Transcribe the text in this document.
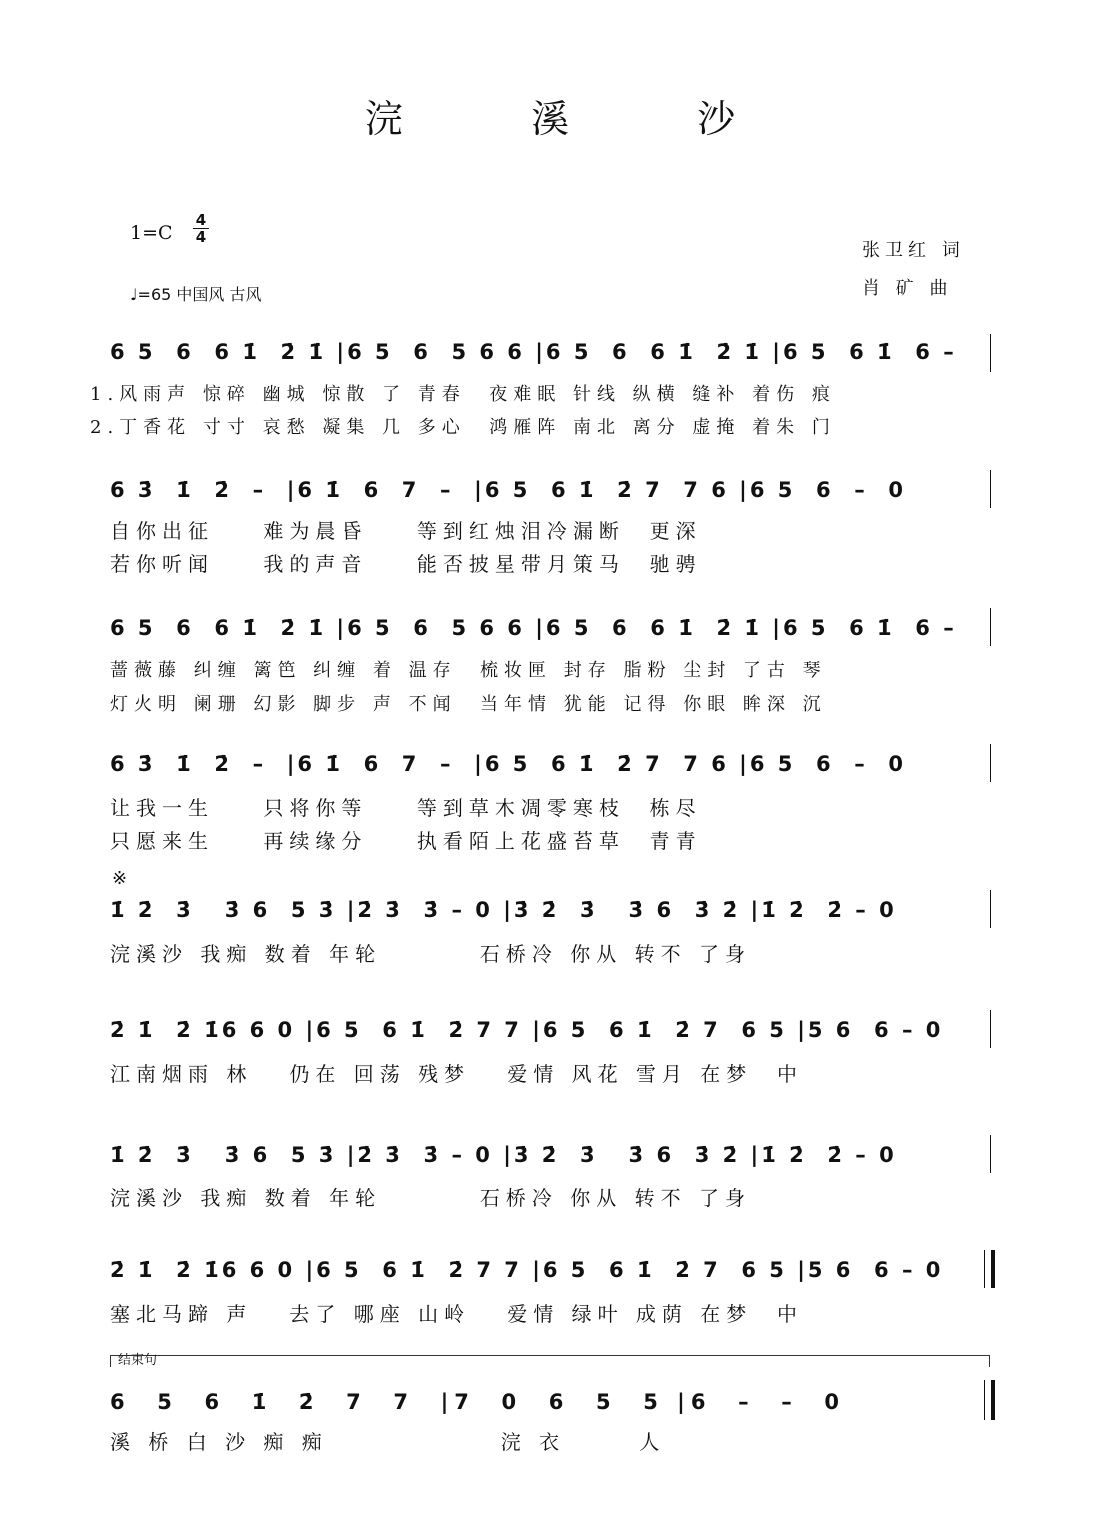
浣 溪 沙
1=C
4
4
♩=65 中国风 古风
张卫红 词
肖 矿 曲
6 5  6  6 1̇  2̇ 1̇ |6 5  6  5 6 6 |6 5  6  6 1̇  2̇ 1̇ |6 5  6 1̇  6 –
1.风雨声 惊碎 幽城 惊散 了 青春  夜难眠 针线 纵横 缝补 着伤 痕
2.丁香花 寸寸 哀愁 凝集 几 多心  鸿雁阵 南北 离分 虚掩 着朱 门
6 3̇  1̇  2̇  –  |6 1̇  6  7  –  |6 5  6 1̇  2̇ 7  7 6 |6 5  6  –  0
自你出征    难为晨昏    等到红烛泪冷漏断  更深
若你听闻    我的声音    能否披星带月策马  驰骋
6 5  6  6 1̇  2̇ 1̇ |6 5  6  5 6 6 |6 5  6  6 1̇  2̇ 1̇ |6 5  6 1̇  6 –
蔷薇藤 纠缠 篱笆 纠缠 着 温存  梳妆匣 封存 脂粉 尘封 了古 琴
灯火明 阑珊 幻影 脚步 声 不闻  当年情 犹能 记得 你眼 眸深 沉
6 3̇  1̇  2̇  –  |6 1̇  6  7  –  |6 5  6 1̇  2̇ 7  7 6 |6 5  6  –  0
让我一生    只将你等    等到草木凋零寒枝  栋尽
只愿来生    再续缘分    执看陌上花盛苔草  青青
※
1̇ 2̇  3̇   3̇ 6  5 3̇ |2̇ 3̇  3̇ – 0 |3̇ 2̇  3̇   3̇ 6  3̇ 2̇ |1̇ 2̇  2̇ – 0
浣溪沙 我痴 数着 年轮        石桥冷 你从 转不 了身
2̇ 1̇  2̇ 1̇6 6 0 |6 5  6 1̇  2̇ 7 7 |6 5  6 1̇  2̇ 7  6 5 |5 6  6 – 0
江南烟雨 林   仍在 回荡 残梦   爱情 风花 雪月 在梦  中
1̇ 2̇  3̇   3̇ 6  5 3̇ |2̇ 3̇  3̇ – 0 |3̇ 2̇  3̇   3̇ 6  3̇ 2̇ |1̇ 2̇  2̇ – 0
浣溪沙 我痴 数着 年轮        石桥冷 你从 转不 了身
2̇ 1̇  2̇ 1̇6 6 0 |6 5  6 1̇  2̇ 7 7 |6 5  6 1̇  2̇ 7  6 5 |5 6  6 – 0
塞北马蹄 声   去了 哪座 山岭   爱情 绿叶 成荫 在梦  中
结束句
6  5  6  1̇  2̇  7  7  |7  0  6  5  5 |6  –  –  0
溪 桥 白 沙 痴 痴              浣 衣      人
